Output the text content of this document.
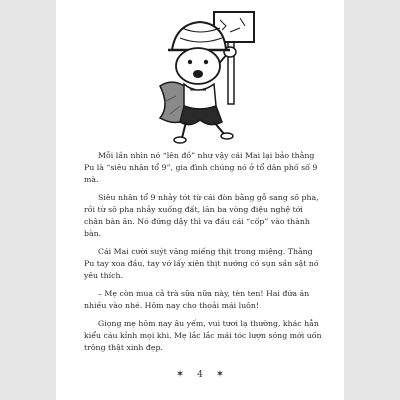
Mỗi lần nhìn nó “lên đồ” như vậy cái Mai lại bảo thằng Pu là “siêu nhân tổ 9”, gia đình chúng nó ở tổ dân phố số 9 mà.

Siêu nhân tổ 9 nhảy tót từ cái đòn bằng gỗ sang sô pha, rồi từ sô pha nhảy xuống đất, lăn ba vòng điệu nghệ tới chân bàn ăn. Nó đứng dậy thì va đầu cái “cốp” vào thành bàn.

Cái Mai cười suýt văng miếng thịt trong miệng. Thằng Pu tay xoa đầu, tay vớ lấy xiên thịt nướng có sụn sần sật nó yêu thích.

– Mẹ còn mua cả trà sữa nữa này, tèn ten! Hai đứa ăn nhiều vào nhé. Hôm nay cho thoải mái luôn!

Giọng mẹ hôm nay âu yếm, vui tươi lạ thường, khác hẳn kiểu cáu kỉnh mọi khi. Mẹ lắc lắc mái tóc lượn sóng mới uốn trông thật xinh đẹp.

✶ 4 ✶
